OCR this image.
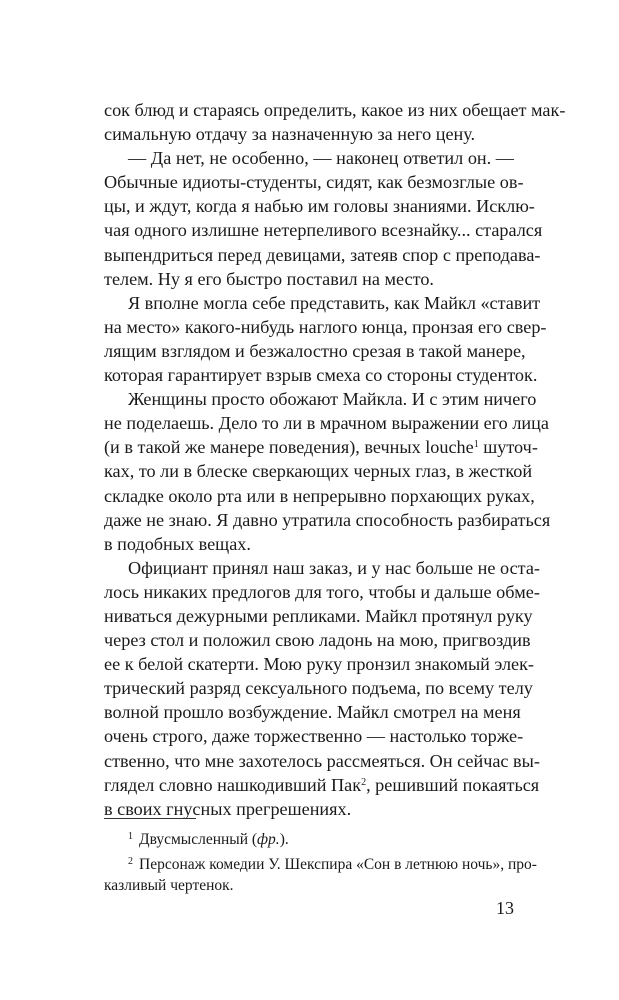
сок блюд и стараясь определить, какое из них обещает мак-
симальную отдачу за назначенную за него цену.
— Да нет, не особенно, — наконец ответил он. —
Обычные идиоты-студенты, сидят, как безмозглые ов-
цы, и ждут, когда я набью им головы знаниями. Исклю-
чая одного излишне нетерпеливого всезнайку... старался
выпендриться перед девицами, затеяв спор с преподава-
телем. Ну я его быстро поставил на место.
Я вполне могла себе представить, как Майкл «ставит
на место» какого-нибудь наглого юнца, пронзая его свер-
лящим взглядом и безжалостно срезая в такой манере,
которая гарантирует взрыв смеха со стороны студенток.
Женщины просто обожают Майкла. И с этим ничего
не поделаешь. Дело то ли в мрачном выражении его лица
(и в такой же манере поведения), вечных louche$^1$ шуточ-
ках, то ли в блеске сверкающих черных глаз, в жесткой
складке около рта или в непрерывно порхающих руках,
даже не знаю. Я давно утратила способность разбираться
в подобных вещах.
Официант принял наш заказ, и у нас больше не оста-
лось никаких предлогов для того, чтобы и дальше обме-
ниваться дежурными репликами. Майкл протянул руку
через стол и положил свою ладонь на мою, пригвоздив
ее к белой скатерти. Мою руку пронзил знакомый элек-
трический разряд сексуального подъема, по всему телу
волной прошло возбуждение. Майкл смотрел на меня
очень строго, даже торжественно — настолько торже-
ственно, что мне захотелось рассмеяться. Он сейчас вы-
глядел словно нашкодивший Пак$^2$, решивший покаяться
в своих гнусных прегрешениях.
$^1$ Двусмысленный (фр.).
$^2$ Персонаж комедии У. Шекспира «Сон в летнюю ночь», про-
казливый чертенок.
13
